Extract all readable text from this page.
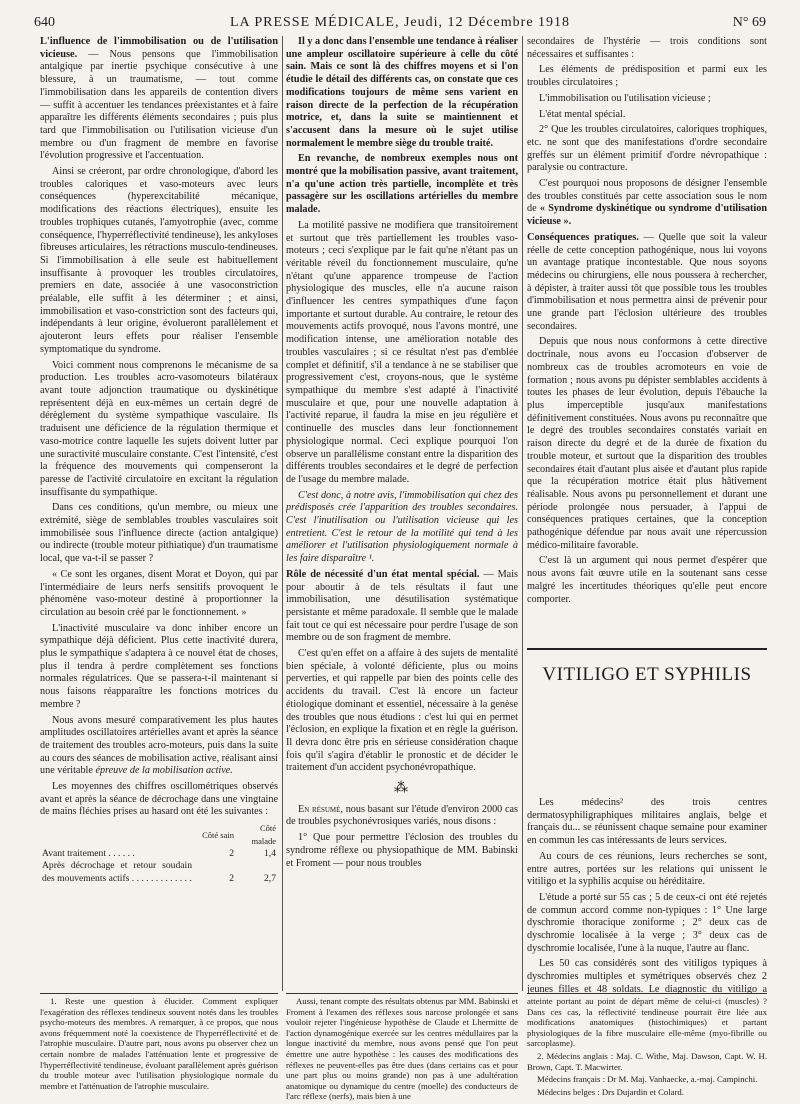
640	LA PRESSE MÉDICALE, Jeudi, 12 Décembre 1918	N° 69

L'influence de l'immobilisation ou de l'utilisation vicieuse. — Nous pensons que l'immobilisation antalgique par inertie psychique consécutive à une blessure, à un traumatisme, — tout comme l'immobilisation dans les appareils de contention divers — suffit à accentuer les tendances préexistantes et à faire apparaître les différents éléments secondaires ; puis plus tard que l'immobilisation ou l'utilisation vicieuse d'un membre ou d'un fragment de membre en favorise l'évolution progressive et l'accentuation.

Ainsi se créeront, par ordre chronologique, d'abord les troubles caloriques et vaso-moteurs avec leurs conséquences (hyperexcitabilité mécanique, modifications des réactions électriques), ensuite les troubles trophiques cutanés, l'amyotrophie (avec, comme conséquence, l'hyperréflectivité tendineuse), les ankyloses fibreuses articulaires, les rétractions musculo-tendineuses. Si l'immobilisation à elle seule est habituellement insuffisante à provoquer les troubles circulatoires, premiers en date, associée à une vasoconstriction préalable, elle suffit à les déterminer ; et ainsi, immobilisation et vaso-constriction sont des facteurs qui, indépendants à leur origine, évolueront parallèlement et ajouteront leurs effets pour réaliser l'ensemble symptomatique du syndrome.

Voici comment nous comprenons le mécanisme de sa production. Les troubles acro-vasomoteurs bilatéraux avant toute adjonction traumatique ou dyskinétique représentent déjà en eux-mêmes un certain degré de dérèglement du système sympathique vasculaire. Ils traduisent une déficience de la régulation thermique et vaso-motrice contre laquelle les sujets doivent lutter par une suractivité musculaire constante. C'est l'intensité, c'est la fréquence des mouvements qui compenseront la paresse de l'activité circulatoire en excitant la régulation insuffisante du sympathique.

Dans ces conditions, qu'un membre, ou mieux une extrémité, siège de semblables troubles vasculaires soit immobilisée sous l'influence directe (action antalgique) ou indirecte (trouble moteur pithiatique) d'un traumatisme local, que va-t-il se passer ?

« Ce sont les organes, disent Morat et Doyon, qui par l'intermédiaire de leurs nerfs sensitifs provoquent le phénomène vaso-moteur destiné à proportionner la circulation au besoin créé par le fonctionnement. »

L'inactivité musculaire va donc inhiber encore un sympathique déjà déficient. Plus cette inactivité durera, plus le sympathique s'adaptera à ce nouvel état de choses, plus il tendra à perdre complètement ses fonctions normales régulatrices. Que se passera-t-il maintenant si nous faisons réapparaître les fonctions motrices du membre ?

Nous avons mesuré comparativement les plus hautes amplitudes oscillatoires artérielles avant et après la séance de traitement des troubles acro-moteurs, puis dans la suite au cours des séances de mobilisation active, réalisant ainsi une véritable épreuve de la mobilisation active.

Les moyennes des chiffres oscillométriques observés avant et après la séance de décrochage dans une vingtaine de mains fléchies prises au hasard ont été les suivantes :

	Côté sain	Côté malade
Avant traitement . . . . . .	2	1,4
Après décrochage et retour soudain des mouvements actifs . . . . . . . . . . . . .	2	2,7

Il y a donc dans l'ensemble une tendance à réaliser une ampleur oscillatoire supérieure à celle du côté sain. Mais ce sont là des chiffres moyens et si l'on étudie le détail des différents cas, on constate que ces modifications toujours de même sens varient en raison directe de la perfection de la récupération motrice, et, dans la suite se maintiennent et s'accusent dans la mesure où le sujet utilise normalement le membre siège du trouble traité.

En revanche, de nombreux exemples nous ont montré que la mobilisation passive, avant traitement, n'a qu'une action très partielle, incomplète et très passagère sur les oscillations artérielles du membre malade.

La motilité passive ne modifiera que transitoirement et surtout que très partiellement les troubles vaso-moteurs ; ceci s'explique par le fait qu'ne n'étant pas un véritable réveil du fonctionnement musculaire, qu'ne n'étant qu'une apparence trompeuse de l'action physiologique des muscles, elle n'a aucune raison d'influencer les centres sympathiques d'une façon importante et surtout durable. Au contraire, le retour des mouvements actifs provoqué, nous l'avons montré, une modification intense, une amélioration notable des troubles vasculaires ; si ce résultat n'est pas d'emblée complet et définitif, s'il a tendance à ne se stabiliser que progressivement c'est, croyons-nous, que le système sympathique du membre s'est adapté à l'inactivité musculaire et que, pour une nouvelle adaptation à l'activité reparue, il faudra la mise en jeu régulière et continuelle des muscles dans leur fonctionnement physiologique normal. Ceci explique pourquoi l'on observe un parallélisme constant entre la disparition des différents troubles secondaires et le degré de perfection de l'usage du membre malade.

C'est donc, à notre avis, l'immobilisation qui chez des prédisposés crée l'apparition des troubles secondaires. C'est l'inutilisation ou l'utilisation vicieuse qui les entretient. C'est le retour de la motilité qui tend à les améliorer et l'utilisation physiologiquement normale à les faire disparaître ¹.

Rôle de nécessité d'un état mental spécial. — Mais pour aboutir à de tels résultats il faut une immobilisation, une désutilisation systématique persistante et même paradoxale. Il semble que le malade fait tout ce qui est nécessaire pour perdre l'usage de son membre ou de son fragment de membre.

C'est qu'en effet on a affaire à des sujets de mentalité bien spéciale, à volonté déficiente, plus ou moins perverties, et qui rappelle par bien des points celle des accidents du travail. C'est là encore un facteur étiologique dominant et essentiel, nécessaire à la genèse des troubles que nous étudions : c'est lui qui en permet l'éclosion, en explique la fixation et en règle la guérison. Il devra donc être pris en sérieuse considération chaque fois qu'il s'agira d'établir le pronostic et de décider le traitement d'un accident psychonévropathique.

⁂

En résumé, nous basant sur l'étude d'environ 2000 cas de troubles psychonévrosiques variés, nous disons :

1° Que pour permettre l'éclosion des troubles du syndrome réflexe ou physiopathique de MM. Babinski et Froment — pour nous troubles

secondaires de l'hystérie — trois conditions sont nécessaires et suffisantes :

Les éléments de prédisposition et parmi eux les troubles circulatoires ;

L'immobilisation ou l'utilisation vicieuse ;

L'état mental spécial.

2° Que les troubles circulatoires, caloriques trophiques, etc. ne sont que des manifestations d'ordre secondaire greffés sur un élément primitif d'ordre névropathique : paralysie ou contracture.

C'est pourquoi nous proposons de désigner l'ensemble des troubles constitués par cette association sous le nom de « Syndrome dyskinétique ou syndrome d'utilisation vicieuse ».

Conséquences pratiques. — Quelle que soit la valeur réelle de cette conception pathogénique, nous lui voyons un avantage pratique incontestable. Que nous soyons médecins ou chirurgiens, elle nous poussera à rechercher, à dépister, à traiter aussi tôt que possible tous les troubles d'immobilisation et nous permettra ainsi de prévenir pour une grande part l'éclosion ultérieure des troubles secondaires.

Depuis que nous nous conformons à cette directive doctrinale, nous avons eu l'occasion d'observer de nombreux cas de troubles acromoteurs en voie de formation ; nous avons pu dépister semblables accidents à toutes les phases de leur évolution, depuis l'ébauche la plus imperceptible jusqu'aux manifestations définitivement constituées. Nous avons pu reconnaître que le degré des troubles secondaires constatés variait en raison directe du degré et de la durée de fixation du trouble moteur, et surtout que la disparition des troubles secondaires était d'autant plus aisée et d'autant plus rapide que la récupération motrice était plus hâtivement réalisable. Nous avons pu personnellement et durant une période prolongée nous persuader, à l'appui de conséquences pratiques certaines, que la conception pathogénique défendue par nous avait une répercussion médico-militaire favorable.

C'est là un argument qui nous permet d'espérer que nous avons fait œuvre utile en la soutenant sans cesse malgré les incertitudes théoriques qu'elle peut encore comporter.

VITILIGO ET SYPHILIS

Les médecins² des trois centres dermatosyphiligraphiques militaires anglais, belge et français du... se réunissent chaque semaine pour examiner en commun les cas intéressants de leurs services.

Au cours de ces réunions, leurs recherches se sont, entre autres, portées sur les relations qui unissent le vitiligo et la syphilis acquise ou héréditaire.

L'étude a porté sur 55 cas ; 5 de ceux-ci ont été rejetés de commun accord comme non-typiques : 1° Une large dyschromie thoracique zoniforme ; 2° deux cas de dyschromie localisée à la verge ; 3° deux cas de dyschromie localisée, l'une à la nuque, l'autre au flanc.

Les 50 cas considérés sont des vitiligos typiques à dyschromies multiples et symétriques observés chez 2 jeunes filles et 48 soldats. Le diagnostic du vitiligo a

1. Reste une question à élucider. Comment expliquer l'exagération des réflexes tendineux souvent notés dans les troubles psycho-moteurs des membres. A remarquer, à ce propos, que nous avons fréquemment noté la coexistence de l'hyperréflectivité et de l'atrophie musculaire. D'autre part, nous avons pu observer chez un certain nombre de malades l'atténuation lente et progressive de l'hyperréflectivité tendineuse, évoluant parallèlement après guérison du trouble moteur avec l'utilisation physiologique normale du membre et l'atténuation de l'atrophie musculaire.

Aussi, tenant compte des résultats obtenus par MM. Babinski et Froment à l'examen des réflexes sous narcose prolongée et sans vouloir rejeter l'ingénieuse hypothèse de Claude et Lhermitte de l'action dynamogénique exercée sur les centres médullaires par la longue inactivité du membre, nous avons pensé que l'on peut émettre une autre hypothèse : les causes des modifications des réflexes ne peuvent-elles pas être dues (dans certains cas et pour une part plus ou moins grande) non pas à une adultération anatomique ou dynamique du centre (moelle) des conducteurs de l'arc réflexe (nerfs), mais bien à une

atteinte portant au point de départ même de celui-ci (muscles) ? Dans ces cas, la réflectivité tendineuse pourrait être liée aux modifications anatomiques (histochimiques) et partant physiologiques de la fibre musculaire elle-même (myo-fibrille ou sarcoplasme).

2. Médecins anglais : Maj. C. Withe, Maj. Dawson, Capt. W. H. Brown, Capt. T. Macwirter.

Médecins français : Dr M. Maj. Vanhaecke, a.-maj. Campinchi.

Médecins belges : Drs Dujardin et Colard.
